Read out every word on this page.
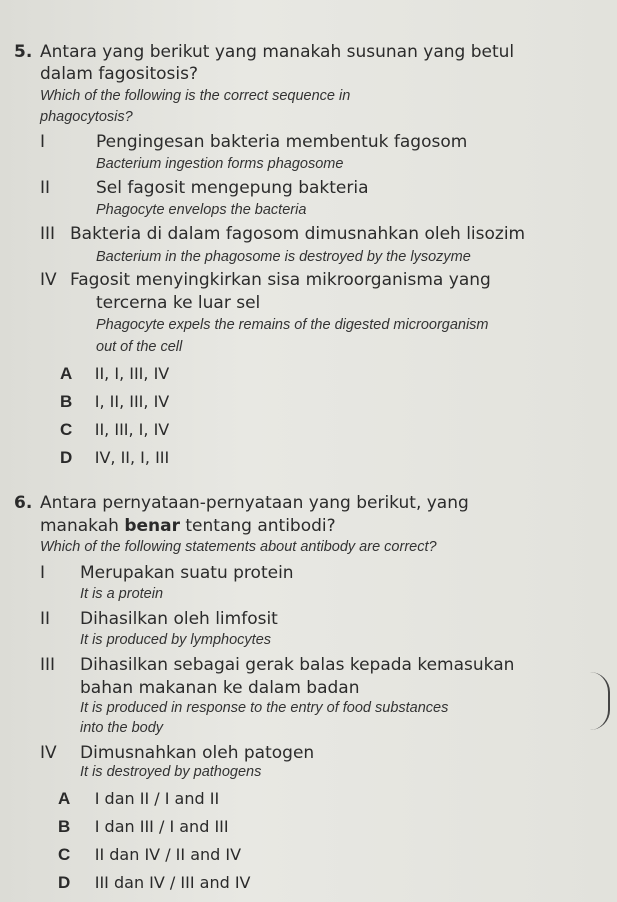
5. Antara yang berikut yang manakah susunan yang betul
dalam fagositosis?
Which of the following is the correct sequence in
phagocytosis?
I	Pengingesan bakteria membentuk fagosom
Bacterium ingestion forms phagosome
II	Sel fagosit mengepung bakteria
Phagocyte envelops the bacteria
III Bakteria di dalam fagosom dimusnahkan oleh lisozim
Bacterium in the phagosome is destroyed by the lysozyme
IV Fagosit menyingkirkan sisa mikroorganisma yang
tercerna ke luar sel
Phagocyte expels the remains of the digested microorganism
out of the cell
A II, I, III, IV
B I, II, III, IV
C II, III, I, IV
D IV, II, I, III
6. Antara pernyataan-pernyataan yang berikut, yang
manakah benar tentang antibodi?
Which of the following statements about antibody are correct?
I Merupakan suatu protein
It is a protein
II Dihasilkan oleh limfosit
It is produced by lymphocytes
III Dihasilkan sebagai gerak balas kepada kemasukan
bahan makanan ke dalam badan
It is produced in response to the entry of food substances
into the body
IV Dimusnahkan oleh patogen
It is destroyed by pathogens
A I dan II / I and II
B I dan III / I and III
C II dan IV / II and IV
D III dan IV / III and IV
